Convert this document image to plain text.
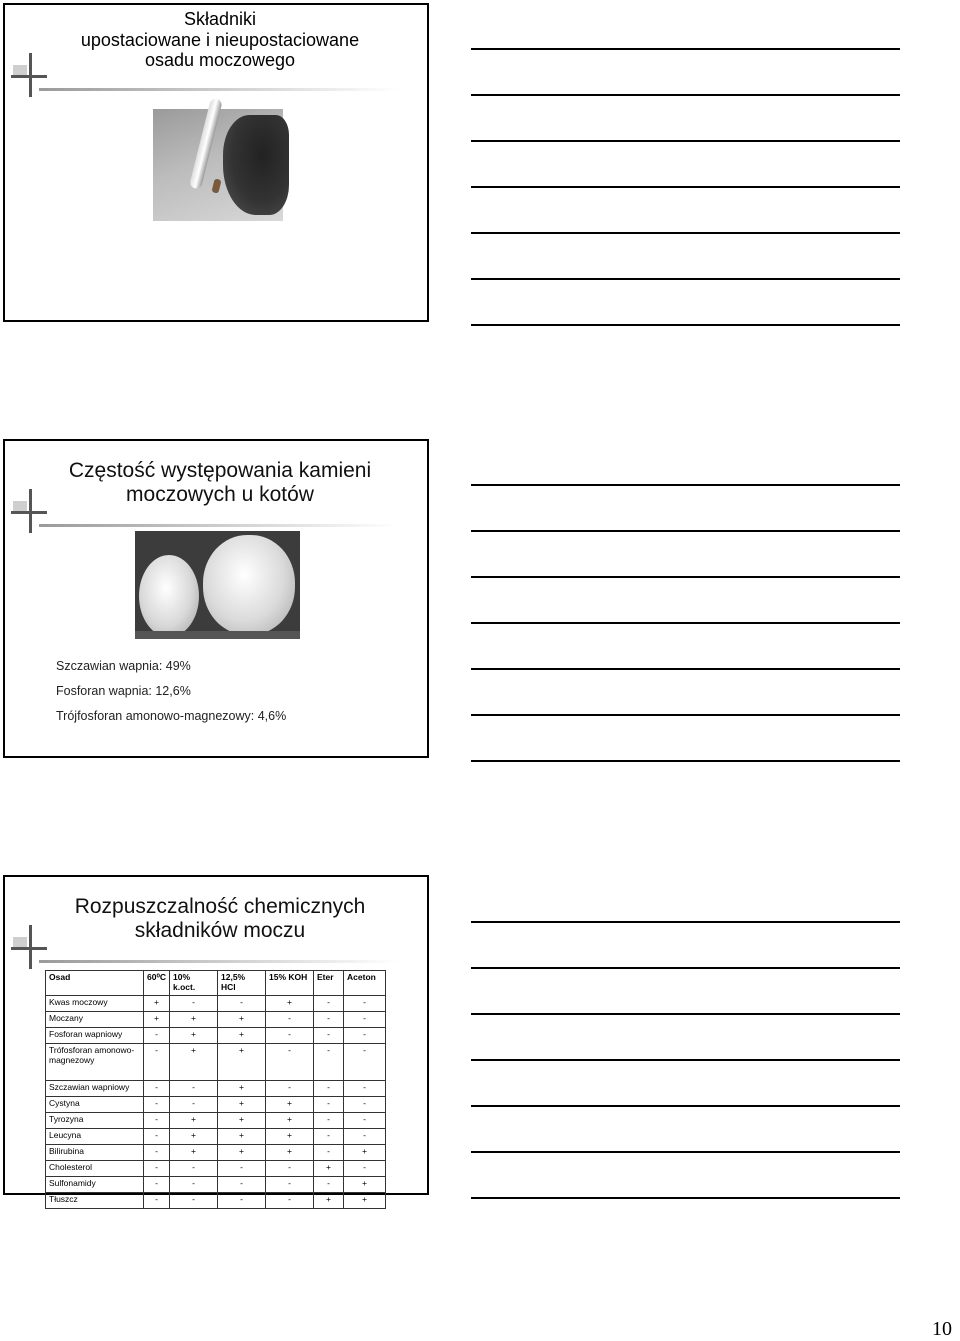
Składniki
upostaciowane i nieupostaciowane
osadu moczowego
Częstość występowania kamieni
moczowych u kotów
Szczawian wapnia: 49%
Fosforan wapnia: 12,6%
Trójfosforan amonowo-magnezowy: 4,6%
Rozpuszczalność chemicznych
składników moczu
Osad	60⁰C	10% k.oct.	12,5% HCl	15% KOH	Eter	Aceton
Kwas moczowy	+	-	-	+	-	-
Moczany	+	+	+	-	-	-
Fosforan wapniowy	-	+	+	-	-	-
Trófosforan amonowo-magnezowy	-	+	+	-	-	-
Szczawian wapniowy	-	-	+	-	-	-
Cystyna	-	-	+	+	-	-
Tyrozyna	-	+	+	+	-	-
Leucyna	-	+	+	+	-	-
Bilirubina	-	+	+	+	-	+
Cholesterol	-	-	-	-	+	-
Sulfonamidy	-	-	-	-	-	+
Tłuszcz	-	-	-	-	+	+
10
